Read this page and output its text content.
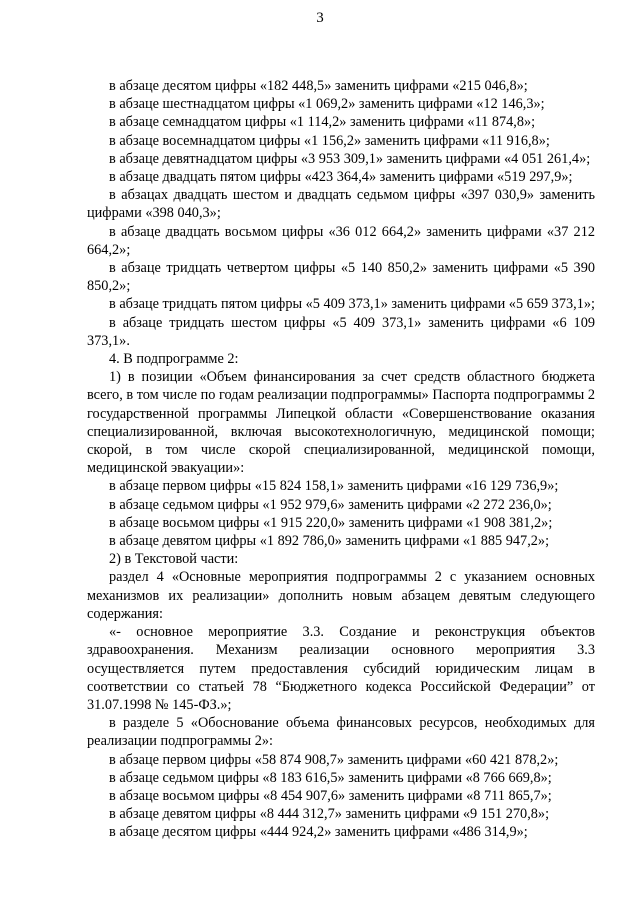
3

в абзаце десятом цифры «182 448,5» заменить цифрами «215 046,8»;

в абзаце шестнадцатом цифры «1 069,2» заменить цифрами «12 146,3»;

в абзаце семнадцатом цифры «1 114,2» заменить цифрами «11 874,8»;

в абзаце восемнадцатом цифры «1 156,2» заменить цифрами «11 916,8»;

в абзаце девятнадцатом цифры «3 953 309,1» заменить цифрами «4 051 261,4»;

в абзаце двадцать пятом цифры «423 364,4» заменить цифрами «519 297,9»;

в абзацах двадцать шестом и двадцать седьмом цифры «397 030,9» заменить цифрами «398 040,3»;

в абзаце двадцать восьмом цифры «36 012 664,2» заменить цифрами «37 212 664,2»;

в абзаце тридцать четвертом цифры «5 140 850,2» заменить цифрами «5 390 850,2»;

в абзаце тридцать пятом цифры «5 409 373,1» заменить цифрами «5 659 373,1»;

в абзаце тридцать шестом цифры «5 409 373,1» заменить цифрами «6 109 373,1».

4. В подпрограмме 2:

1) в позиции «Объем финансирования за счет средств областного бюджета всего, в том числе по годам реализации подпрограммы» Паспорта подпрограммы 2 государственной программы Липецкой области «Совершенствование оказания специализированной, включая высокотехнологичную, медицинской помощи; скорой, в том числе скорой специализированной, медицинской помощи, медицинской эвакуации»:

в абзаце первом цифры «15 824 158,1» заменить цифрами «16 129 736,9»;

в абзаце седьмом цифры «1 952 979,6» заменить цифрами «2 272 236,0»;

в абзаце восьмом цифры «1 915 220,0» заменить цифрами «1 908 381,2»;

в абзаце девятом цифры «1 892 786,0» заменить цифрами «1 885 947,2»;

2) в Текстовой части:

раздел 4 «Основные мероприятия подпрограммы 2 с указанием основных механизмов их реализации» дополнить новым абзацем девятым следующего содержания:

«- основное мероприятие 3.3. Создание и реконструкция объектов здравоохранения. Механизм реализации основного мероприятия 3.3 осуществляется путем предоставления субсидий юридическим лицам в соответствии со статьей 78 “Бюджетного кодекса Российской Федерации” от 31.07.1998 № 145-ФЗ.»;

в разделе 5 «Обоснование объема финансовых ресурсов, необходимых для реализации подпрограммы 2»:

в абзаце первом цифры «58 874 908,7» заменить цифрами «60 421 878,2»;

в абзаце седьмом цифры «8 183 616,5» заменить цифрами «8 766 669,8»;

в абзаце восьмом цифры «8 454 907,6» заменить цифрами «8 711 865,7»;

в абзаце девятом цифры «8 444 312,7» заменить цифрами «9 151 270,8»;

в абзаце десятом цифры «444 924,2» заменить цифрами «486 314,9»;
